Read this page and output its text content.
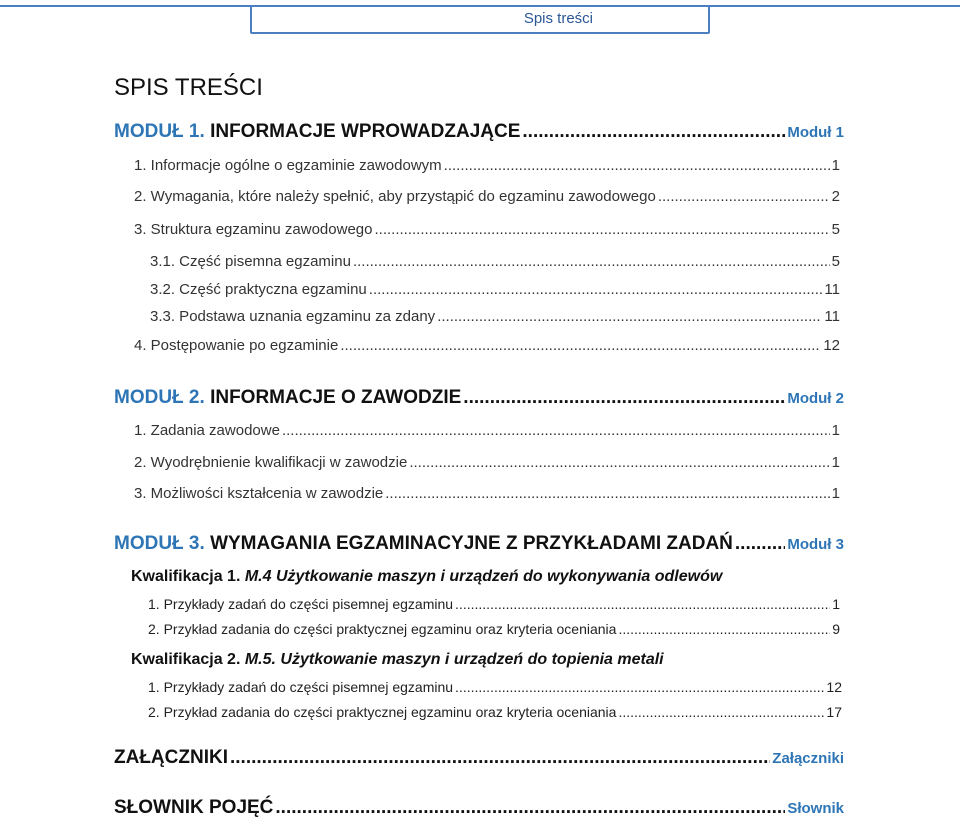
Spis treści
SPIS TREŚCI
MODUŁ 1. INFORMACJE WPROWADZAJĄCE .....	Moduł 1
1. Informacje ogólne o egzaminie zawodowym .....	1
2. Wymagania, które należy spełnić, aby przystąpić do egzaminu zawodowego .....	2
3. Struktura egzaminu zawodowego .....	5
3.1. Część pisemna egzaminu .....	5
3.2. Część praktyczna egzaminu .....	11
3.3. Podstawa uznania egzaminu za zdany .....	11
4. Postępowanie po egzaminie .....	12
MODUŁ 2. INFORMACJE O ZAWODZIE .....	Moduł 2
1. Zadania zawodowe .....	1
2. Wyodrębnienie kwalifikacji w zawodzie .....	1
3. Możliwości kształcenia w zawodzie .....	1
MODUŁ 3. WYMAGANIA EGZAMINACYJNE Z PRZYKŁADAMI ZADAŃ .....	Moduł 3
Kwalifikacja 1.
M.4
Użytkowanie maszyn i urządzeń do wykonywania odlewów
1. Przykłady zadań do części pisemnej egzaminu .....	1
2. Przykład zadania do części praktycznej egzaminu oraz kryteria oceniania .....	9
Kwalifikacja 2.
M.5.
Użytkowanie maszyn i urządzeń do topienia metali
1. Przykłady zadań do części pisemnej egzaminu .....	12
2. Przykład zadania do części praktycznej egzaminu oraz kryteria oceniania .....	17
ZAŁĄCZNIKI .....	Załączniki
SŁOWNIK POJĘĆ .....	Słownik
